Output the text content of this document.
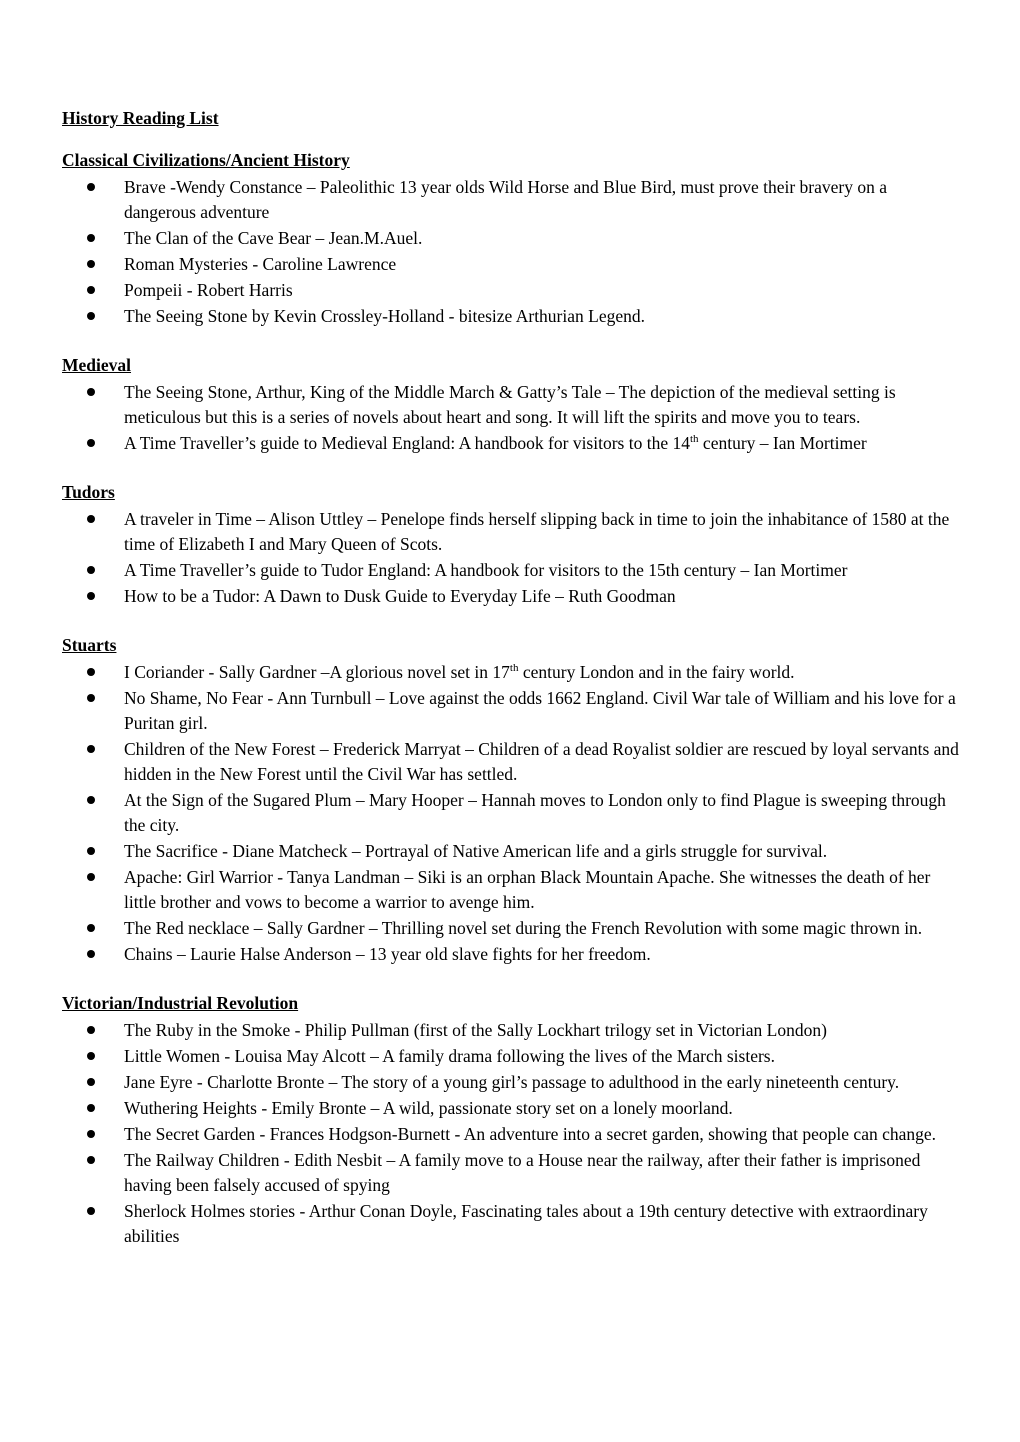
History Reading List
Classical Civilizations/Ancient History
Brave -Wendy Constance – Paleolithic 13 year olds Wild Horse and Blue Bird, must prove their bravery on a dangerous adventure
The Clan of the Cave Bear – Jean.M.Auel.
Roman Mysteries - Caroline Lawrence
Pompeii - Robert Harris
The Seeing Stone by Kevin Crossley-Holland - bitesize Arthurian Legend.
Medieval
The Seeing Stone, Arthur, King of the Middle March & Gatty’s Tale – The depiction of the medieval setting is meticulous but this is a series of novels about heart and song. It will lift the spirits and move you to tears.
A Time Traveller’s guide to Medieval England: A handbook for visitors to the 14th century – Ian Mortimer
Tudors
A traveler in Time – Alison Uttley – Penelope finds herself slipping back in time to join the inhabitance of 1580 at the time of Elizabeth I and Mary Queen of Scots.
A Time Traveller’s guide to Tudor England: A handbook for visitors to the 15th century – Ian Mortimer
How to be a Tudor: A Dawn to Dusk Guide to Everyday Life – Ruth Goodman
Stuarts
I Coriander - Sally Gardner –A glorious novel set in 17th century London and in the fairy world.
No Shame, No Fear - Ann Turnbull – Love against the odds 1662 England. Civil War tale of William and his love for a Puritan girl.
Children of the New Forest – Frederick Marryat – Children of a dead Royalist soldier are rescued by loyal servants and hidden in the New Forest until the Civil War has settled.
At the Sign of the Sugared Plum – Mary Hooper – Hannah moves to London only to find Plague is sweeping through the city.
The Sacrifice - Diane Matcheck – Portrayal of Native American life and a girls struggle for survival.
Apache: Girl Warrior - Tanya Landman – Siki is an orphan Black Mountain Apache. She witnesses the death of her little brother and vows to become a warrior to avenge him.
The Red necklace – Sally Gardner – Thrilling novel set during the French Revolution with some magic thrown in.
Chains – Laurie Halse Anderson – 13 year old slave fights for her freedom.
Victorian/Industrial Revolution
The Ruby in the Smoke - Philip Pullman (first of the Sally Lockhart trilogy set in Victorian London)
Little Women - Louisa May Alcott – A family drama following the lives of the March sisters.
Jane Eyre - Charlotte Bronte – The story of a young girl’s passage to adulthood in the early nineteenth century.
Wuthering Heights - Emily Bronte – A wild, passionate story set on a lonely moorland.
The Secret Garden - Frances Hodgson-Burnett - An adventure into a secret garden, showing that people can change.
The Railway Children - Edith Nesbit – A family move to a House near the railway, after their father is imprisoned having been falsely accused of spying
Sherlock Holmes stories - Arthur Conan Doyle, Fascinating tales about a 19th century detective with extraordinary abilities
